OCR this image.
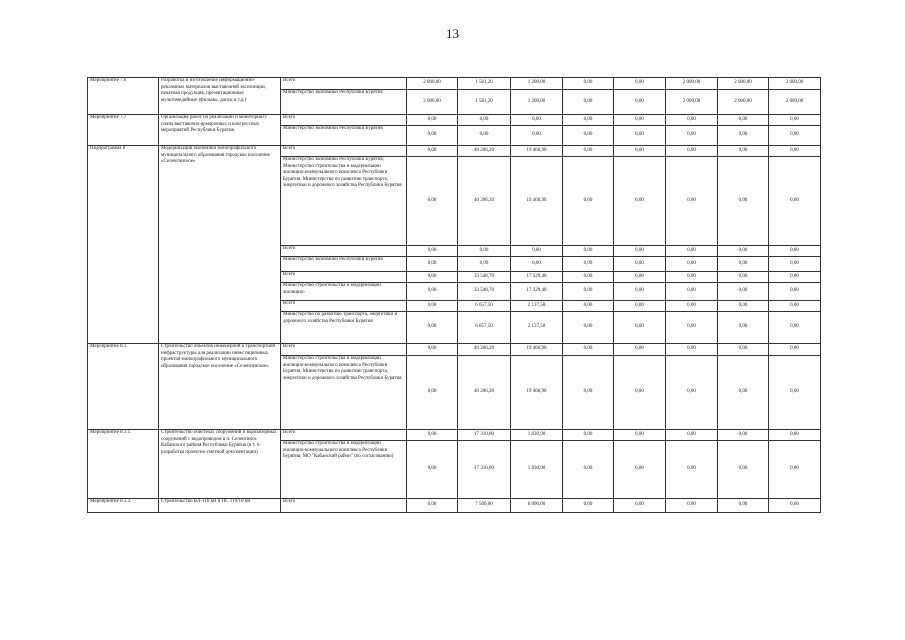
13
Мероприятие 7.6	Разработка и изготовление информационно-рекламных материалов выставочной экспозиции, печатная продукция, презентационные мультимедийные (фильмы, диски и т.д.)	Всего	2 000,00	1 581,20	1 200,00	0,00	0,00	2 000,00	2 000,00	2 000,00
		Министерство экономики Республики Бурятия	2 000,00	1 581,20	1 200,00	0,00	0,00	2 000,00	2 000,00	2 000,00
Мероприятие 7.7	Организация работ по реализации и мониторингу плана выставочно-ярмарочных и конгрессных мероприятий Республики Бурятия	Всего	0,00	0,00	0,00	0,00	0,00	0,00	0,00	0,00
		Министерство экономики Республики Бурятия	0,00	0,00	0,00	0,00	0,00	0,00	0,00	0,00
Подпрограмма 8	Модернизация экономики монопрофильного муниципального образования городское поселение «Селенгинское»	Всего	0,00	40 206,20	19 466,90	0,00	0,00	0,00	0,00	0,00
		Министерство экономики Республики Бурятия, Министерство строительства и модернизации жилищно-коммунального комплекса Республики Бурятия, Министерство по развитию транспорта, энергетики и дорожного хозяйства Республики Бурятия	0,00	40 206,20	19 466,90	0,00	0,00	0,00	0,00	0,00
		Всего	0,00	0,00	0,00	0,00	0,00	0,00	0,00	0,00
		Министерство экономики Республики Бурятия	0,00	0,00	0,00	0,00	0,00	0,00	0,00	0,00
		Всего	0,00	33 548,70	17 329,40	0,00	0,00	0,00	0,00	0,00
		Министерство строительства и модернизации жилищно-	0,00	33 548,70	17 329,40	0,00	0,00	0,00	0,00	0,00
		Всего	0,00	6 657,50	2 137,50	0,00	0,00	0,00	0,00	0,00
		Министерство по развитию транспорта, энергетики и дорожного хозяйства Республики Бурятия	0,00	6 657,50	2 137,50	0,00	0,00	0,00	0,00	0,00
Мероприятие 8.1.	Строительство объектов инженерной и транспортной инфраструктуры для реализации инвестиционных проектов монопрофильного муниципального образования городское поселение «Селенгинское»	Всего	0,00	40 206,20	19 466,90	0,00	0,00	0,00	0,00	0,00
		Министерство строительства и модернизации жилищно-коммунального комплекса Республики Бурятия, Министерство по развитию транспорта, энергетики и дорожного хозяйства Республики Бурятия	0,00	40 206,20	19 466,90	0,00	0,00	0,00	0,00	0,00
Мероприятие 8.1.1.	Строительство очистных сооружений и водозаборных сооружений с водопроводом в п. Селенгинск Кабанского района Республики Бурятия (в т. ч. разработка проектно-сметной документации)	Всего	0,00	17 310,00	1 830,90	0,00	0,00	0,00	0,00	0,00
		Министерство строительства и модернизации жилищно-коммунального комплекса Республики Бурятия, МО "Кабанский район" (по согласованию)	0,00	17 310,00	1 830,90	0,00	0,00	0,00	0,00	0,00
Мероприятие 8.1.2.	Строительство ВЛ-110 кВ и ПС 110/10 кВ	Всего	0,00	7 500,00	6 000,00	0,00	0,00	0,00	0,00	0,00
